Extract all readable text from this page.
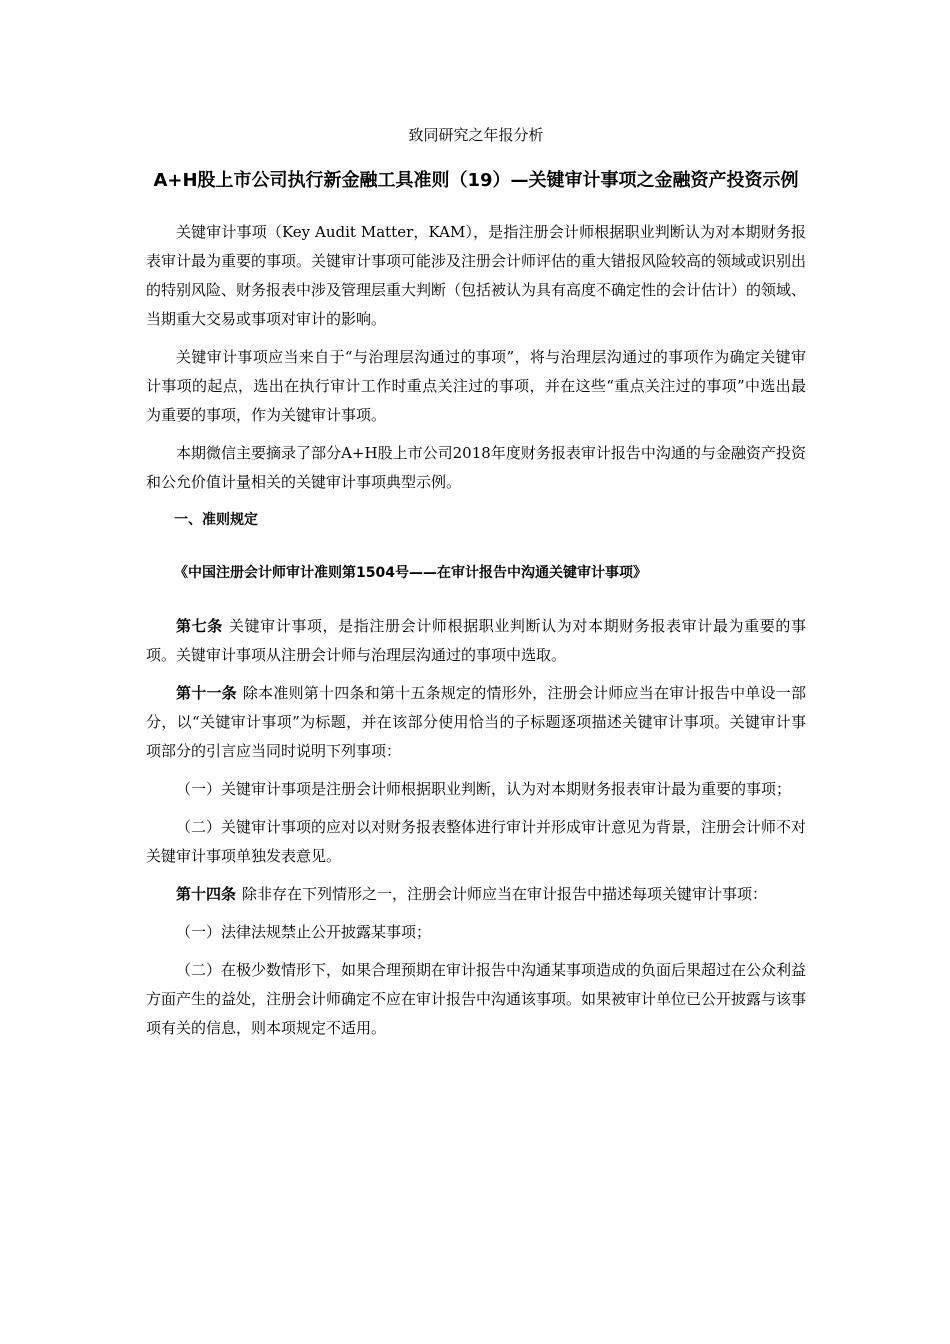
致同研究之年报分析

A+H股上市公司执行新金融工具准则（19）—关键审计事项之金融资产投资示例

关键审计事项（Key Audit Matter，KAM），是指注册会计师根据职业判断认为对本期财务报表审计最为重要的事项。关键审计事项可能涉及注册会计师评估的重大错报风险较高的领域或识别出的特别风险、财务报表中涉及管理层重大判断（包括被认为具有高度不确定性的会计估计）的领域、当期重大交易或事项对审计的影响。

关键审计事项应当来自于“与治理层沟通过的事项”，将与治理层沟通过的事项作为确定关键审计事项的起点，选出在执行审计工作时重点关注过的事项，并在这些“重点关注过的事项”中选出最为重要的事项，作为关键审计事项。

本期微信主要摘录了部分A+H股上市公司2018年度财务报表审计报告中沟通的与金融资产投资和公允价值计量相关的关键审计事项典型示例。

一、准则规定

《中国注册会计师审计准则第1504号——在审计报告中沟通关键审计事项》

第七条 关键审计事项，是指注册会计师根据职业判断认为对本期财务报表审计最为重要的事项。关键审计事项从注册会计师与治理层沟通过的事项中选取。

第十一条 除本准则第十四条和第十五条规定的情形外，注册会计师应当在审计报告中单设一部分，以“关键审计事项”为标题，并在该部分使用恰当的子标题逐项描述关键审计事项。关键审计事项部分的引言应当同时说明下列事项：

（一）关键审计事项是注册会计师根据职业判断，认为对本期财务报表审计最为重要的事项；

（二）关键审计事项的应对以对财务报表整体进行审计并形成审计意见为背景，注册会计师不对关键审计事项单独发表意见。

第十四条 除非存在下列情形之一，注册会计师应当在审计报告中描述每项关键审计事项：

（一）法律法规禁止公开披露某事项；

（二）在极少数情形下，如果合理预期在审计报告中沟通某事项造成的负面后果超过在公众利益方面产生的益处，注册会计师确定不应在审计报告中沟通该事项。如果被审计单位已公开披露与该事项有关的信息，则本项规定不适用。
